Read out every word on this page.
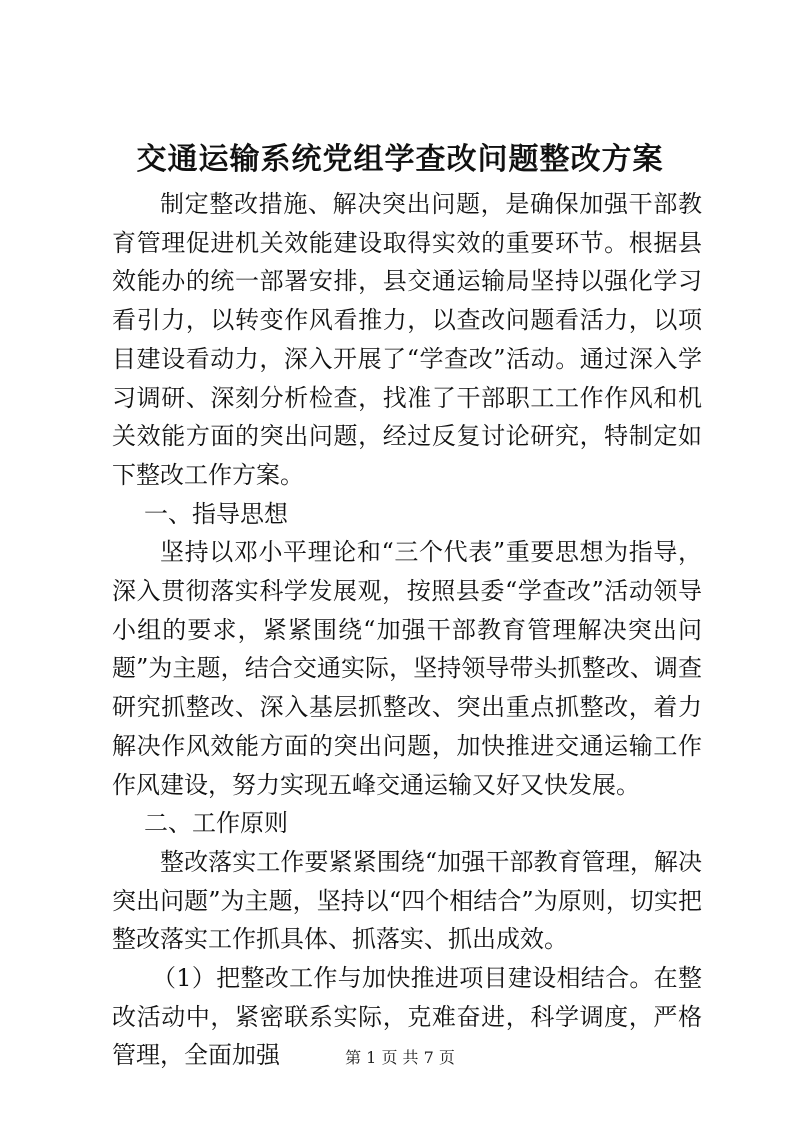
交通运输系统党组学查改问题整改方案

制定整改措施、解决突出问题，是确保加强干部教育管理促进机关效能建设取得实效的重要环节。根据县效能办的统一部署安排，县交通运输局坚持以强化学习看引力，以转变作风看推力，以查改问题看活力，以项目建设看动力，深入开展了“学查改”活动。通过深入学习调研、深刻分析检查，找准了干部职工工作作风和机关效能方面的突出问题，经过反复讨论研究，特制定如下整改工作方案。

一、指导思想

坚持以邓小平理论和“三个代表”重要思想为指导，深入贯彻落实科学发展观，按照县委“学查改”活动领导小组的要求，紧紧围绕“加强干部教育管理解决突出问题”为主题，结合交通实际，坚持领导带头抓整改、调查研究抓整改、深入基层抓整改、突出重点抓整改，着力解决作风效能方面的突出问题，加快推进交通运输工作作风建设，努力实现五峰交通运输又好又快发展。

二、工作原则

整改落实工作要紧紧围绕“加强干部教育管理，解决突出问题”为主题，坚持以“四个相结合”为原则，切实把整改落实工作抓具体、抓落实、抓出成效。

（1）把整改工作与加快推进项目建设相结合。在整改活动中，紧密联系实际，克难奋进，科学调度，严格管理，全面加强	第 1 页 共 7 页
